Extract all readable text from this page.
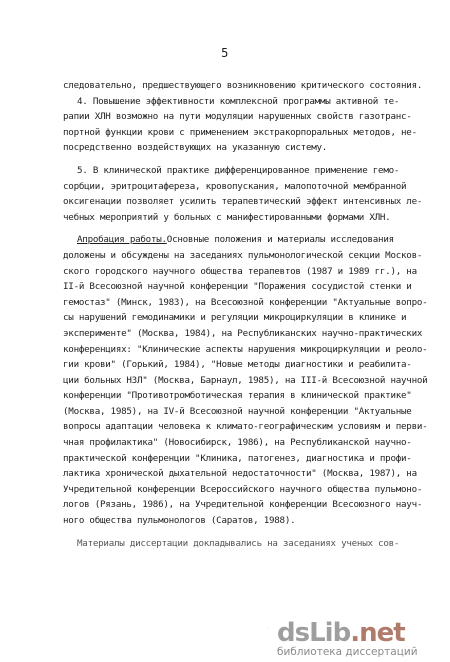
5
следовательно, предшествующего возникновению критического состояния.
4. Повышение эффективности комплексной программы активной те-
рапии ХЛН возможно на пути модуляции нарушенных свойств газотранс-
портной функции крови с применением экстракорпоральных методов, не-
посредственно воздействующих на указанную систему.
5. В клинической практике дифференцированное применение гемо-
сорбции, эритроцитафереза, кровопускания, малопоточной мембранной
оксигенации позволяет усилить терапевтический эффект интенсивных ле-
чебных мероприятий у больных с манифестированными формами ХЛН.
Апробация работы.Основные положения и материалы исследования
доложены и обсуждены на заседаниях пульмонологической секции Москов-
ского городского научного общества терапевтов (1987 и 1989 гг.), на
II-й Всесоюзной научной конференции "Поражения сосудистой стенки и
гемостаз" (Минск, 1983), на Всесоюзной конференции "Актуальные вопро-
сы нарушений гемодинамики и регуляции микроциркуляции в клинике и
эксперименте" (Москва, 1984), на Республиканских научно-практических
конференциях: "Клинические аспекты нарушения микроциркуляции и реоло-
гии крови" (Горький, 1984), "Новые методы диагностики и реабилита-
ции больных НЗЛ" (Москва, Барнаул, 1985), на III-й Всесоюзной научной
конференции "Противотромботическая терапия в клинической практике"
(Москва, 1985), на IV-й Всесоюзной научной конференции "Актуальные
вопросы адаптации человека к климато-географическим условиям и перви-
чная профилактика" (Новосибирск, 1986), на Республиканской научно-
практической конференции "Клиника, патогенез, диагностика и профи-
лактика хронической дыхательной недостаточности" (Москва, 1987), на
Учредительной конференции Всероссийского научного общества пульмоно-
логов (Рязань, 1986), на Учредительной конференции Всесоюзного науч-
ного общества пульмонологов (Саратов, 1988).
Материалы диссертации докладывались на заседаниях ученых сов-
dsLib.net
библиотека диссертаций
